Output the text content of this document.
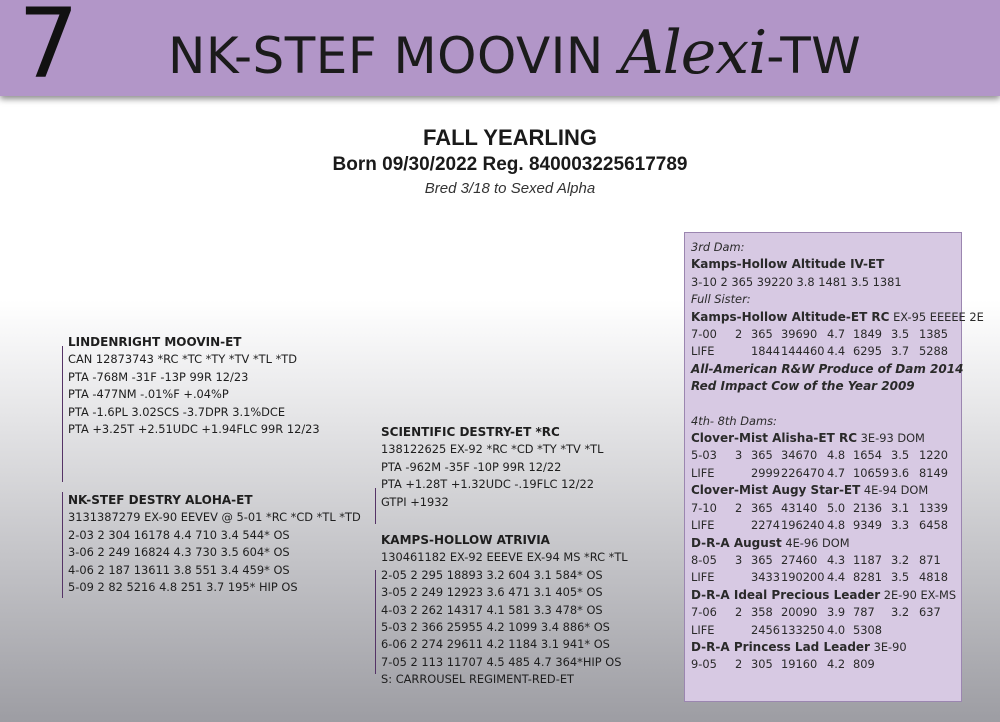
7 NK-STEF MOOVIN Alexi-TW
FALL YEARLING
Born 09/30/2022 Reg. 840003225617789
Bred 3/18 to Sexed Alpha
LINDENRIGHT MOOVIN-ET
CAN 12873743 *RC *TC *TY *TV *TL *TD
PTA -768M -31F -13P 99R 12/23
PTA -477NM -.01%F +.04%P
PTA -1.6PL 3.02SCS -3.7DPR 3.1%DCE
PTA +3.25T +2.51UDC +1.94FLC 99R 12/23
NK-STEF DESTRY ALOHA-ET
3131387279 EX-90 EEVEV @ 5-01 *RC *CD *TL *TD
2-03 2 304 16178 4.4 710 3.4 544* OS
3-06 2 249 16824 4.3 730 3.5 604* OS
4-06 2 187 13611 3.8 551 3.4 459* OS
5-09 2 82 5216 4.8 251 3.7 195* HIP OS
SCIENTIFIC DESTRY-ET *RC
138122625 EX-92 *RC *CD *TY *TV *TL
PTA -962M -35F -10P 99R 12/22
PTA +1.28T +1.32UDC -.19FLC 12/22
GTPI +1932
KAMPS-HOLLOW ATRIVIA
130461182 EX-92 EEEVE EX-94 MS *RC *TL
2-05 2 295 18893 3.2 604 3.1 584* OS
3-05 2 249 12923 3.6 471 3.1 405* OS
4-03 2 262 14317 4.1 581 3.3 478* OS
5-03 2 366 25955 4.2 1099 3.4 886* OS
6-06 2 274 29611 4.2 1184 3.1 941* OS
7-05 2 113 11707 4.5 485 4.7 364*HIP OS
S: CARROUSEL REGIMENT-RED-ET
3rd Dam:
Kamps-Hollow Altitude IV-ET
3-10 2 365 39220 3.8 1481 3.5 1381
Full Sister:
Kamps-Hollow Altitude-ET RC EX-95 EEEEE 2E
7-00	2 365 39690 4.7 1849 3.5 1385
LIFE	1844 144460 4.4 6295 3.7 5288
All-American R&W Produce of Dam 2014
Red Impact Cow of the Year 2009
4th- 8th Dams:
Clover-Mist Alisha-ET RC 3E-93 DOM
5-03	3 365 34670 4.8 1654 3.5 1220
LIFE	2999 226470 4.7 10659 3.6 8149
Clover-Mist Augy Star-ET 4E-94 DOM
7-10	2 365 43140 5.0 2136 3.1 1339
LIFE	2274 196240 4.8 9349 3.3 6458
D-R-A August 4E-96 DOM
8-05	3 365 27460 4.3 1187 3.2 871
LIFE	3433 190200 4.4 8281 3.5 4818
D-R-A Ideal Precious Leader 2E-90 EX-MS
7-06	2 358 20090 3.9 787	3.2 637
LIFE	2456 133250 4.0 5308
D-R-A Princess Lad Leader 3E-90
9-05	2 305 19160 4.2 809
